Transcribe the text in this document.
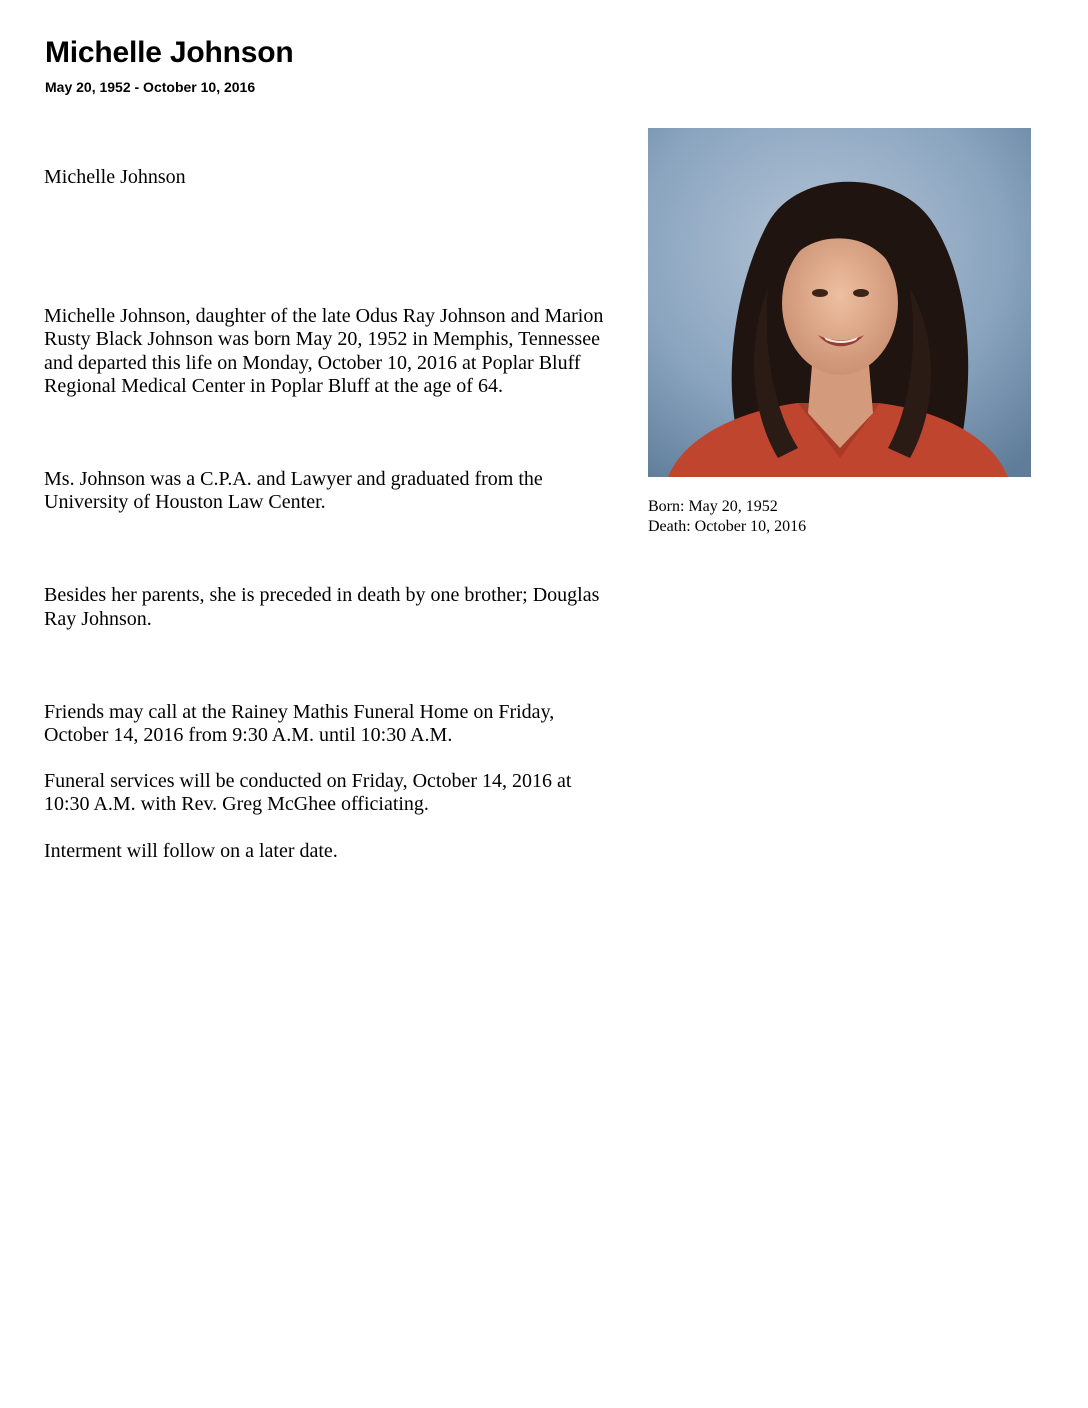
Michelle Johnson
May 20, 1952 - October 10, 2016

Michelle Johnson

Michelle Johnson, daughter of the late Odus Ray Johnson and Marion Rusty Black Johnson was born May 20, 1952 in Memphis, Tennessee and departed this life on Monday, October 10, 2016 at Poplar Bluff Regional Medical Center in Poplar Bluff at the age of 64.

Ms. Johnson was a C.P.A. and Lawyer and graduated from the University of Houston Law Center.

Besides her parents, she is preceded in death by one brother; Douglas Ray Johnson.

Friends may call at the Rainey Mathis Funeral Home on Friday, October 14, 2016 from 9:30 A.M. until 10:30 A.M.

Funeral services will be conducted on Friday, October 14, 2016 at 10:30 A.M. with Rev. Greg McGhee officiating.

Interment will follow on a later date.

Born: May 20, 1952
Death: October 10, 2016
